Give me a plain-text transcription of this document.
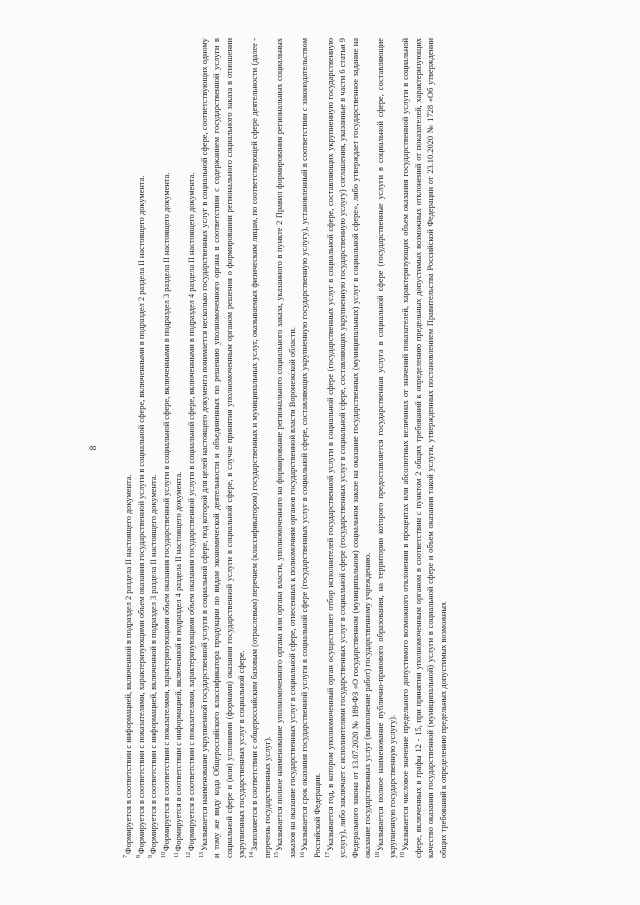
8

$^7$Формируется в соответствии с информацией, включенной в подраздел 2 раздела II настоящего документа.

$^8$Формируется в соответствии с показателями, характеризующими объем оказания государственной услуги в социальной сфере, включенными в подраздел 2 раздела II настоящего документа.

$^9$Формируется в соответствии с информацией, включенной в подраздел 3 раздела II настоящего документа.

$^{10}$Формируется в соответствии с показателями, характеризующими объем оказания государственной услуги в социальной сфере, включенными в подраздел 3 раздела II настоящего документа.

$^{11}$Формируется в соответствии с информацией, включенной в подраздел 4 раздела II настоящего документа.

$^{12}$Формируется в соответствии с показателями, характеризующими объем оказания государственной услуги в социальной сфере, включенными в подраздел 4 раздела II настоящего документа.

$^{13}$Указывается наименование укрупненной государственной услуги в социальной сфере, под которой для целей настоящего документа понимается несколько государственных услуг в социальной сфере, соответствующих одному и тому же виду кода Общероссийского классификатора продукции по видам экономической деятельности и объединенных по решению уполномоченного органа в соответствии с содержанием государственной услуги в социальной сфере и (или) условиями (формами) оказания государственной услуги в социальной сфере, в случае принятия уполномоченным органом решения о формировании регионального социального заказа в отношении укрупненных государственных услуг в социальной сфере. $^{14}$Заполняется в соответствии с общероссийским базовым (отраслевым) перечнем (классификатором) государственных и муниципальных услуг, оказываемых физическим лицам, по соответствующей сфере деятельности (далее - перечень государственных услуг). $^{15}$Указывается полное наименование уполномоченного органа или органа власти, уполномоченного на формирование регионального социального заказа, указанного в пункте 2 Правил формирования региональных социальных заказов на оказание государственных услуг в социальной сфере, отнесенных к полномочиям органов государственной власти Воронежской области. $^{16}$Указывается срок оказания государственной услуги в социальной сфере (государственных услуг в социальной сфере, составляющих укрупненную государственную услугу), установленный в соответствии с законодательством Российской Федерации. $^{17}$Указывается год, в котором уполномоченный орган осуществляет отбор исполнителей государственной услуги в социальной сфере (государственных услуг в социальной сфере, составляющих укрупненную государственную услугу), либо заключает с исполнителями государственных услуг в социальной сфере (государственных услуг в социальной сфере, составляющих укрупненную государственную услугу) соглашения, указанные в части 6 статьи 9 Федерального закона от 13.07.2020 № 189-ФЗ «О государственном (муниципальном) социальном заказе на оказание государственных (муниципальных) услуг в социальной сфере», либо утверждает государственное задание на оказание государственных услуг (выполнение работ) государственному учреждению. $^{18}$Указывается полное наименование публично-правового образования, на территории которого предоставляется государственная услуга в социальной сфере (государственные услуги в социальной сфере, составляющие укрупненную государственную услугу). $^{19}$Указывается числовое значение предельного допустимого возможного отклонения в процентах или абсолютных величинах от значений показателей, характеризующих объем оказания государственной услуги в социальной сфере, включенных в графы 12 - 15, при принятии уполномоченным органом в соответствии с пунктом 2 общих требований к определению предельных допустимых возможных отклонений от показателей, характеризующих качество оказания государственной (муниципальной) услуги в социальной сфере и объем оказания такой услуги, утвержденных постановлением Правительства Российской Федерации от 23.10.2020 № 1728 «Об утверждении общих требований к определению предельных допустимых возможных
